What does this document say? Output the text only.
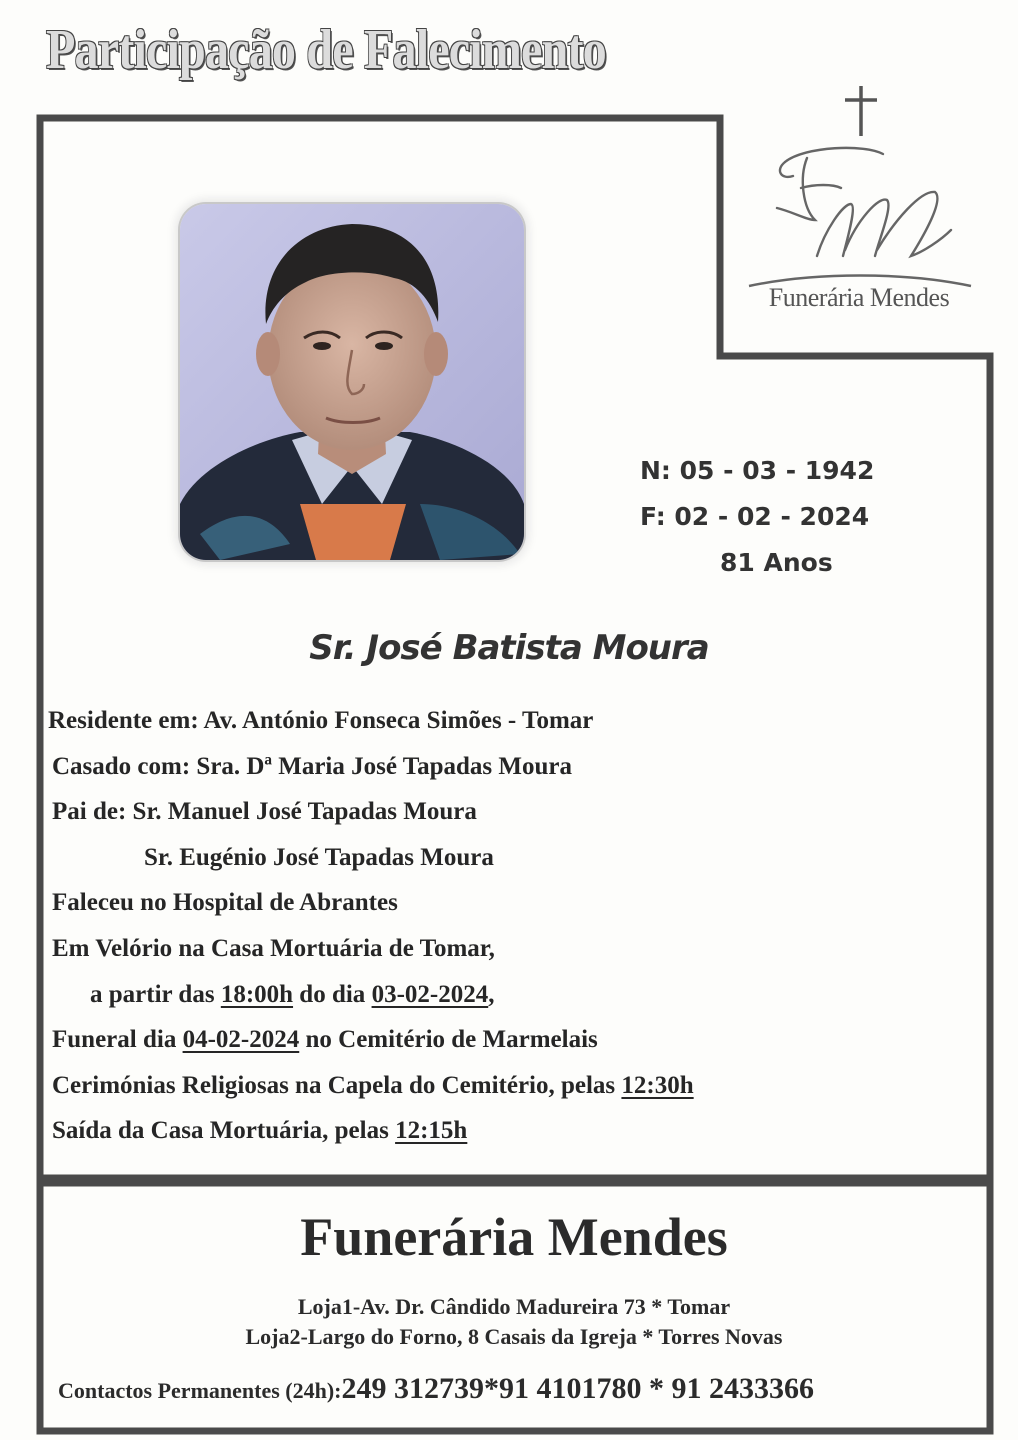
Participação de Falecimento
Funerária Mendes
N: 05 - 03 - 1942
F: 02 - 02 - 2024
81 Anos
Sr. José Batista Moura
Residente em: Av. António Fonseca Simões - Tomar
Casado com: Sra. Dª Maria José Tapadas Moura
Pai de: Sr. Manuel José Tapadas Moura
Sr. Eugénio José Tapadas Moura
Faleceu no Hospital de Abrantes
Em Velório na Casa Mortuária de Tomar,
a partir das 18:00h do dia 03-02-2024,
Funeral dia 04-02-2024 no Cemitério de Marmelais
Cerimónias Religiosas na Capela do Cemitério, pelas 12:30h
Saída da Casa Mortuária, pelas 12:15h
Funerária Mendes
Loja1-Av. Dr. Cândido Madureira 73 * Tomar
Loja2-Largo do Forno, 8 Casais da Igreja * Torres Novas
Contactos Permanentes (24h):249 312739*91 4101780 * 91 2433366
